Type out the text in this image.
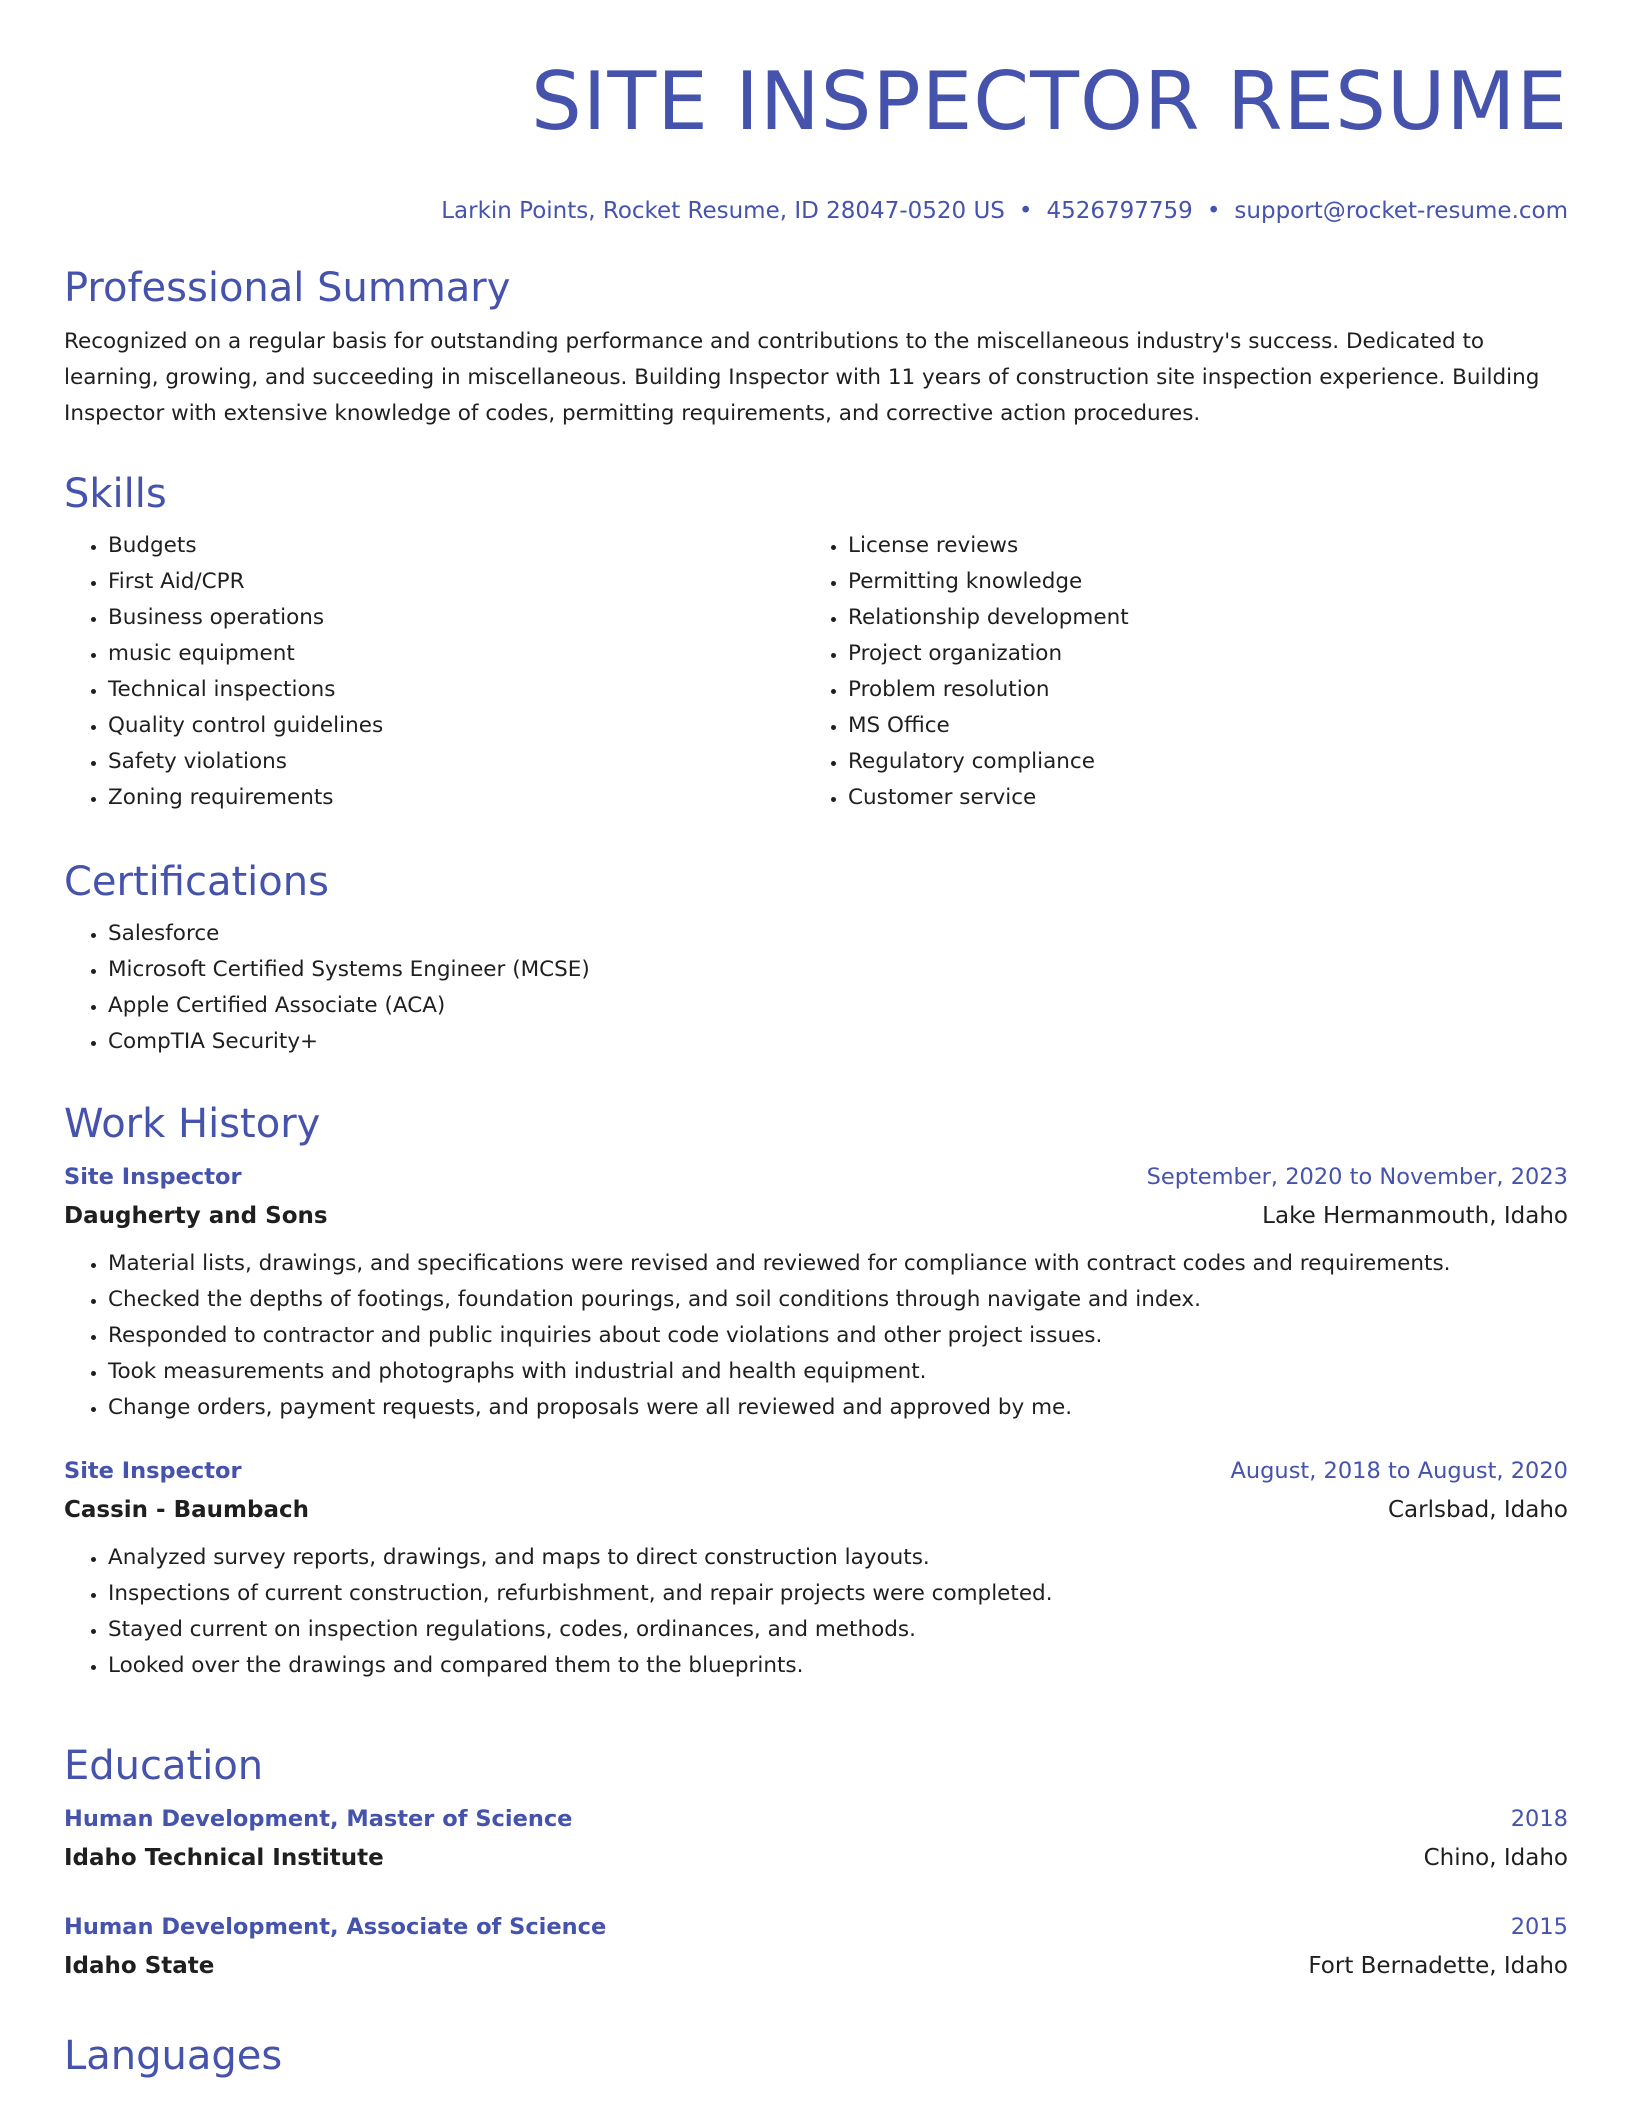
SITE INSPECTOR RESUME
Larkin Points, Rocket Resume, ID 28047-0520 US • 4526797759 • support@rocket-resume.com
Professional Summary

Recognized on a regular basis for outstanding performance and contributions to the miscellaneous industry's success. Dedicated to learning, growing, and succeeding in miscellaneous. Building Inspector with 11 years of construction site inspection experience. Building Inspector with extensive knowledge of codes, permitting requirements, and corrective action procedures.

Skills
• Budgets
• First Aid/CPR
• Business operations
• music equipment
• Technical inspections
• Quality control guidelines
• Safety violations
• Zoning requirements
• License reviews
• Permitting knowledge
• Relationship development
• Project organization
• Problem resolution
• MS Office
• Regulatory compliance
• Customer service
Certifications
• Salesforce
• Microsoft Certified Systems Engineer (MCSE)
• Apple Certified Associate (ACA)
• CompTIA Security+
Work History
Site Inspector	September, 2020 to November, 2023
Daugherty and Sons	Lake Hermanmouth, Idaho
• Material lists, drawings, and specifications were revised and reviewed for compliance with contract codes and requirements.
• Checked the depths of footings, foundation pourings, and soil conditions through navigate and index.
• Responded to contractor and public inquiries about code violations and other project issues.
• Took measurements and photographs with industrial and health equipment.
• Change orders, payment requests, and proposals were all reviewed and approved by me.
Site Inspector	August, 2018 to August, 2020
Cassin - Baumbach	Carlsbad, Idaho
• Analyzed survey reports, drawings, and maps to direct construction layouts.
• Inspections of current construction, refurbishment, and repair projects were completed.
• Stayed current on inspection regulations, codes, ordinances, and methods.
• Looked over the drawings and compared them to the blueprints.
Education
Human Development, Master of Science	2018
Idaho Technical Institute	Chino, Idaho
Human Development, Associate of Science	2015
Idaho State	Fort Bernadette, Idaho
Languages
